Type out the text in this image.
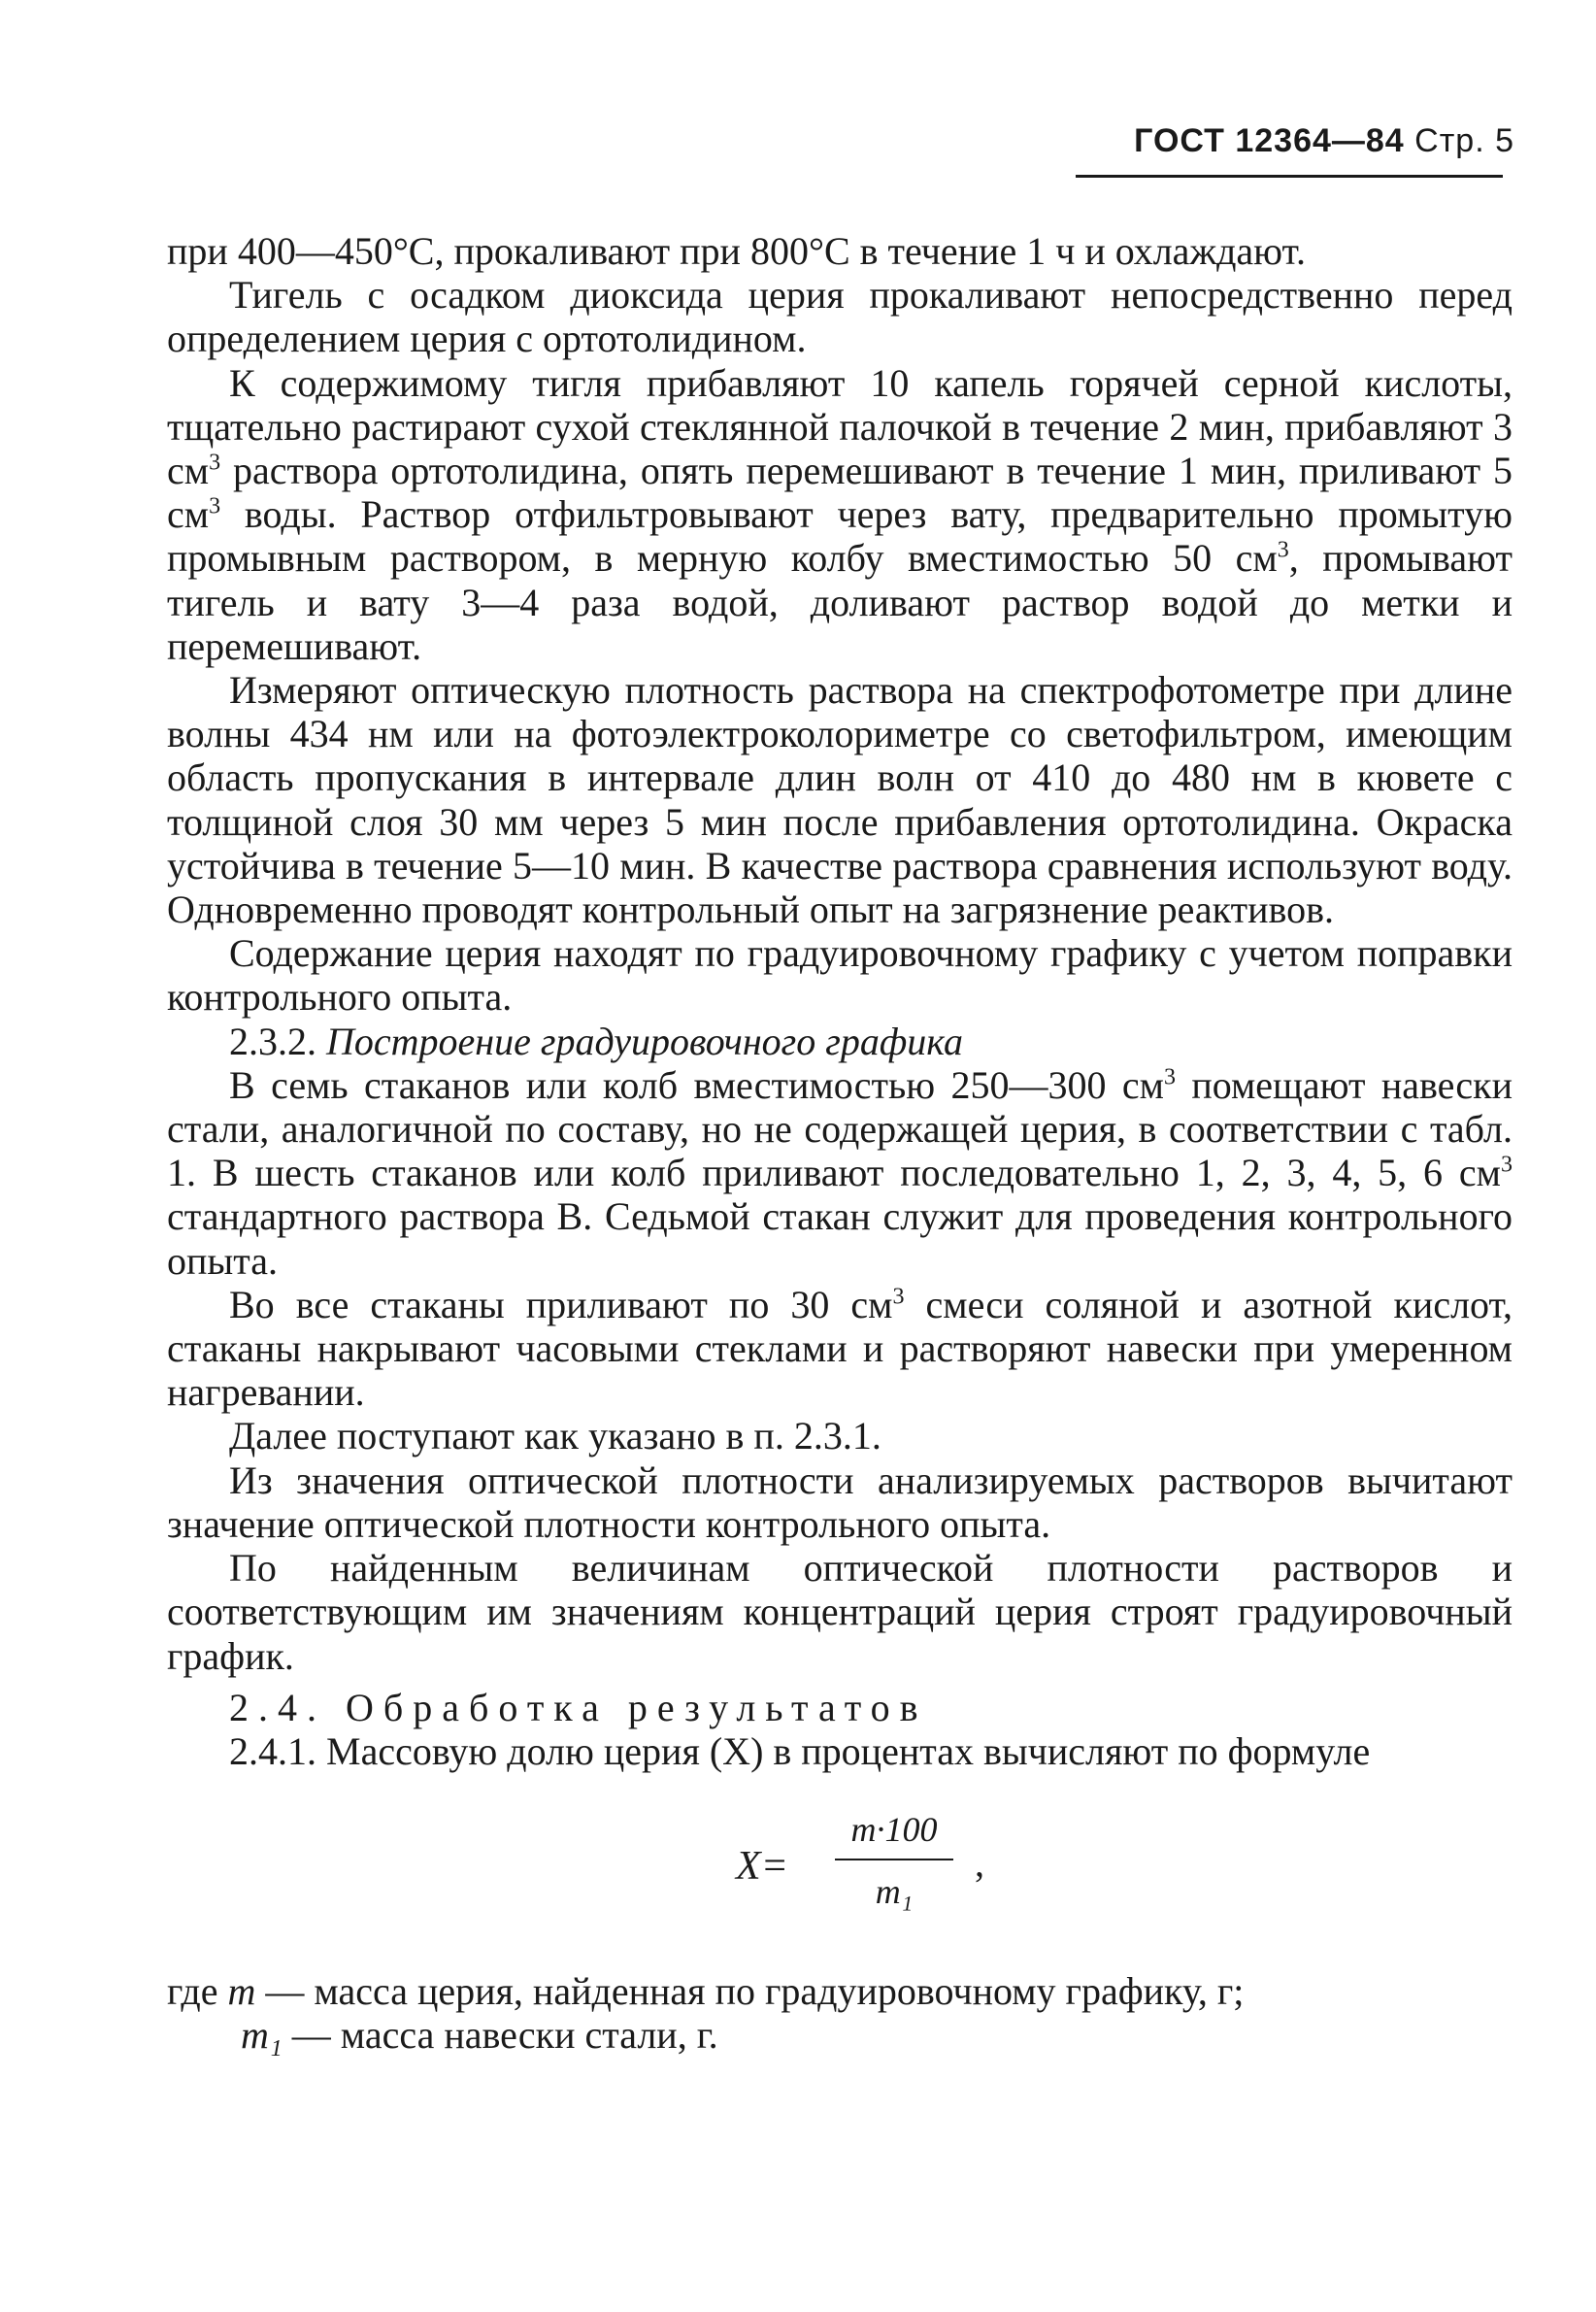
ГОСТ 12364—84 Стр. 5

при 400—450°С, прокаливают при 800°С в течение 1 ч и охлаждают.

Тигель с осадком диоксида церия прокаливают непосредственно перед определением церия с ортотолидином.

К содержимому тигля прибавляют 10 капель горячей серной кислоты, тщательно растирают сухой стеклянной палочкой в течение 2 мин, прибавляют 3 $см^3$ раствора ортотолидина, опять перемешивают в течение 1 мин, приливают 5 $см^3$ воды. Раствор отфильтровывают через вату, предварительно промытую промывным раствором, в мерную колбу вместимостью 50 $см^3$, промывают тигель и вату 3—4 раза водой, доливают раствор водой до метки и перемешивают.

Измеряют оптическую плотность раствора на спектрофотометре при длине волны 434 нм или на фотоэлектроколориметре со светофильтром, имеющим область пропускания в интервале длин волн от 410 до 480 нм в кювете с толщиной слоя 30 мм через 5 мин после прибавления ортотолидина. Окраска устойчива в течение 5—10 мин. В качестве раствора сравнения используют воду. Одновременно проводят контрольный опыт на загрязнение реактивов.

Содержание церия находят по градуировочному графику с учетом поправки контрольного опыта.

2.3.2. Построение градуировочного графика

В семь стаканов или колб вместимостью 250—300 $см^3$ помещают навески стали, аналогичной по составу, но не содержащей церия, в соответствии с табл. 1. В шесть стаканов или колб приливают последовательно 1, 2, 3, 4, 5, 6 $см^3$ стандартного раствора В. Седьмой стакан служит для проведения контрольного опыта.

Во все стаканы приливают по 30 $см^3$ смеси соляной и азотной кислот, стаканы накрывают часовыми стеклами и растворяют навески при умеренном нагревании.

Далее поступают как указано в п. 2.3.1.

Из значения оптической плотности анализируемых растворов вычитают значение оптической плотности контрольного опыта.

По найденным величинам оптической плотности растворов и соответствующим им значениям концентраций церия строят градуировочный график.

2.4. Обработка результатов

2.4.1. Массовую долю церия (X) в процентах вычисляют по формуле

X=
m·100
m₁
,

где m — масса церия, найденная по градуировочному графику, г;

m₁ — масса навески стали, г.
